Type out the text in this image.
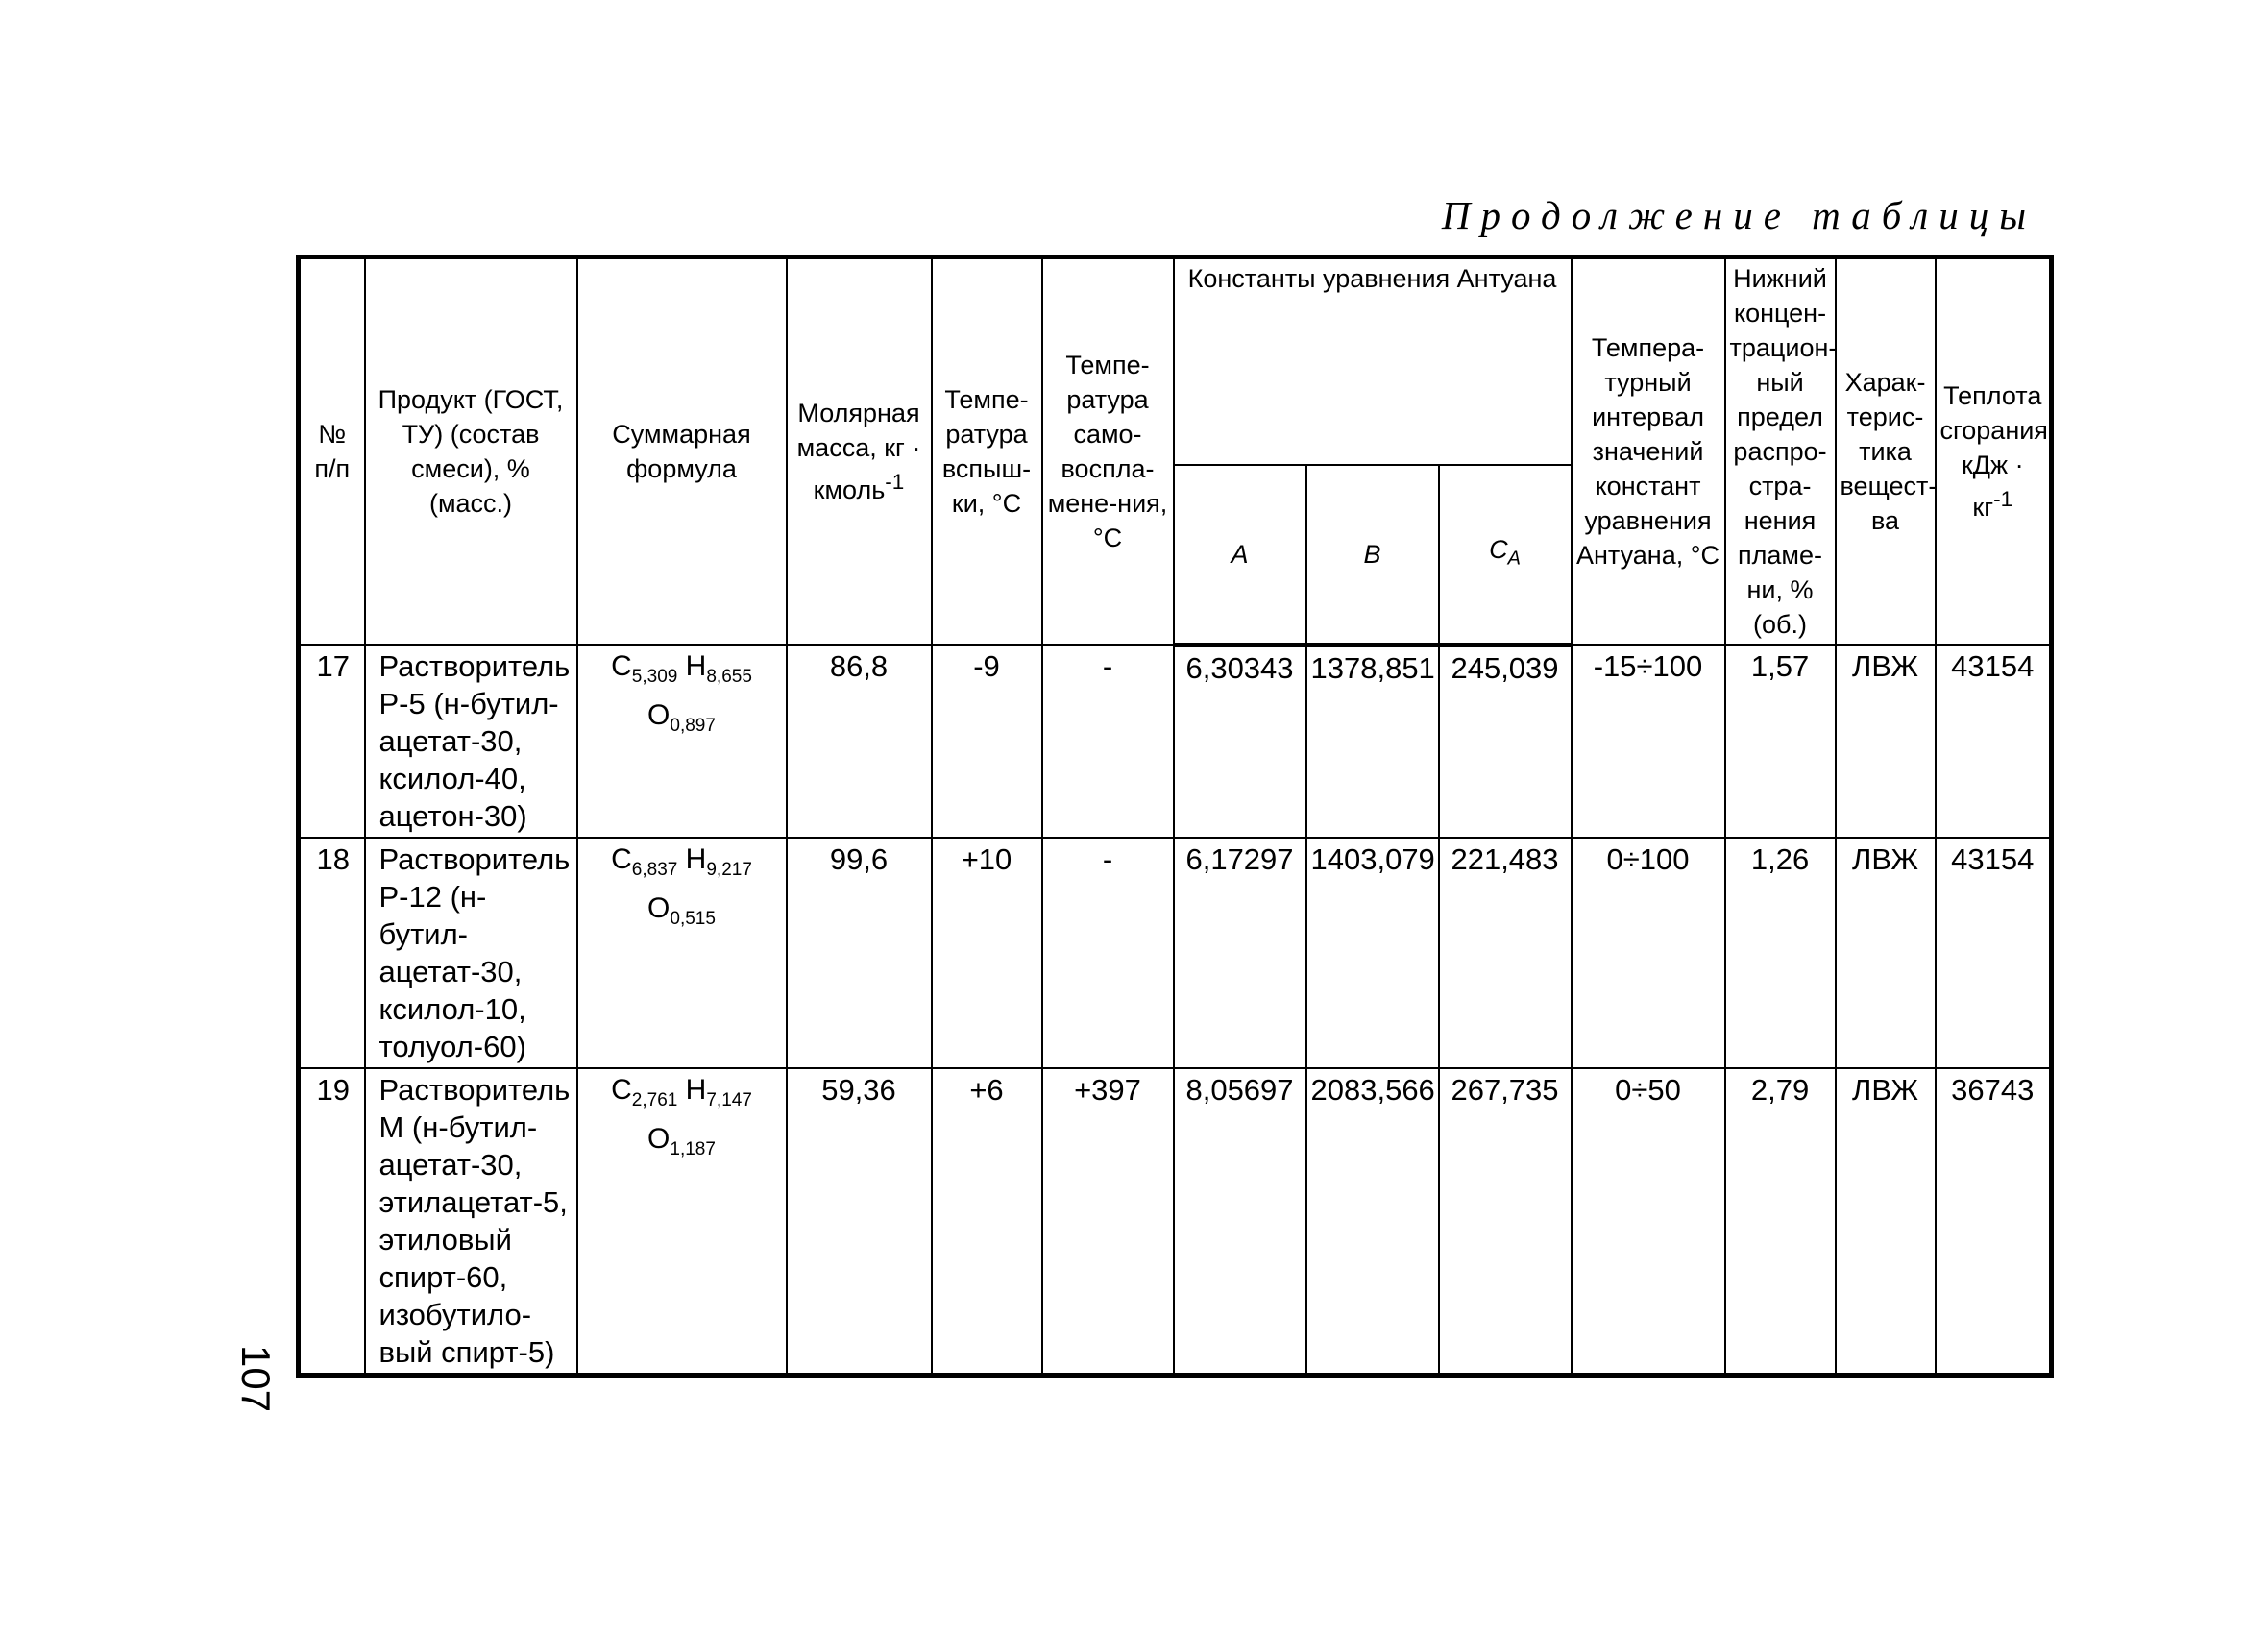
Продолжение таблицы
№ п/п	Продукт (ГОСТ, ТУ) (состав смеси), % (масс.)	Суммарная формула	Молярная масса, кг · кмоль$^{-1}$	Темпе-ратура вспыш-ки, °С	Темпе-ратура само-воспла-мене-ния, °С	Константы уравнения Антуана			Темпера-турный интервал значений констант уравнения Антуана, °С	Нижний концен-трацион-ный предел распро-стра-нения пламе-ни, % (об.)	Харак-терис-тика вещест-ва	Теплота сгорания, кДж · $кг^{-1}$
						A	B	$C_A$
17	Растворитель Р-5 (н-бутил-ацетат-30, ксилол-40, ацетон-30)	$C_{5,309}$ $H_{8,655}$
$O_{0,897}$	86,8	-9	-	6,30343	1378,851	245,039	-15÷100	1,57	ЛВЖ	43154
18	Растворитель Р-12 (н-бутил-ацетат-30, ксилол-10, толуол-60)	$C_{6,837}$ $H_{9,217}$
$O_{0,515}$	99,6	+10	-	6,17297	1403,079	221,483	0÷100	1,26	ЛВЖ	43154
19	Растворитель М (н-бутил-ацетат-30, этилацетат-5, этиловый спирт-60, изобутило-вый спирт-5)	$C_{2,761}$ $H_{7,147}$
$O_{1,187}$	59,36	+6	+397	8,05697	2083,566	267,735	0÷50	2,79	ЛВЖ	36743
107
